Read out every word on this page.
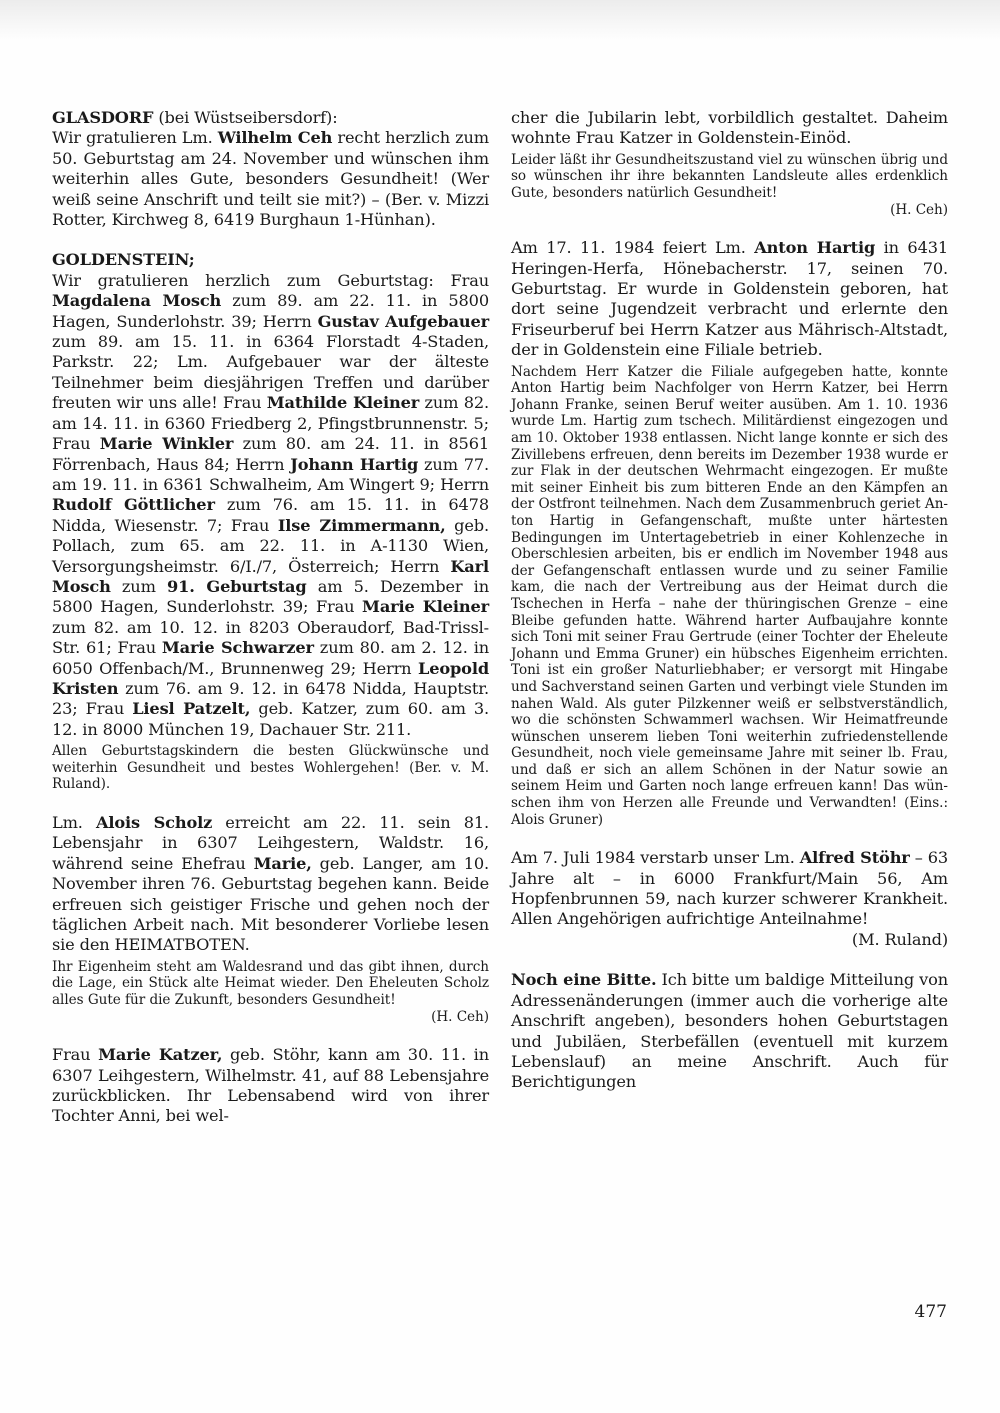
GLASDORF (bei Wüstseibersdorf):

Wir gratulieren Lm. Wilhelm Ceh recht herzlich zum 50. Geburtstag am 24. November und wünschen ihm weiterhin alles Gute, besonders Gesundheit! (Wer weiß seine Anschrift und teilt sie mit?) – (Ber. v. Mizzi Rotter, Kirchweg 8, 6419 Burghaun 1-Hünhan).

GOLDENSTEIN;

Wir gratulieren herzlich zum Geburtstag: Frau Magdalena Mosch zum 89. am 22. 11. in 5800 Hagen, Sunderlohstr. 39; Herrn Gustav Aufgebauer zum 89. am 15. 11. in 6364 Florstadt 4-Staden, Parkstr. 22; Lm. Aufgebauer war der älteste Teilnehmer beim diesjährigen Treffen und darüber freuten wir uns alle! Frau Mathilde Kleiner zum 82. am 14. 11. in 6360 Friedberg 2, Pfingstbrunnenstr. 5; Frau Marie Winkler zum 80. am 24. 11. in 8561 Förrenbach, Haus 84; Herrn Johann Hartig zum 77. am 19. 11. in 6361 Schwalheim, Am Wingert 9; Herrn Rudolf Göttlicher zum 76. am 15. 11. in 6478 Nidda, Wiesenstr. 7; Frau Ilse Zimmermann, geb. Pollach, zum 65. am 22. 11. in A-1130 Wien, Versorgungsheimstr. 6/I./7, Österreich; Herrn Karl Mosch zum 91. Geburtstag am 5. Dezember in 5800 Hagen, Sunderlohstr. 39; Frau Marie Kleiner zum 82. am 10. 12. in 8203 Oberaudorf, Bad-Trissl-Str. 61; Frau Marie Schwarzer zum 80. am 2. 12. in 6050 Offenbach/M., Brunnenweg 29; Herrn Leopold Kristen zum 76. am 9. 12. in 6478 Nidda, Hauptstr. 23; Frau Liesl Patzelt, geb. Katzer, zum 60. am 3. 12. in 8000 München 19, Dachauer Str. 211.

Allen Geburtstagskindern die besten Glückwünsche und weiterhin Gesundheit und bestes Wohlergehen! (Ber. v. M. Ruland).

Lm. Alois Scholz erreicht am 22. 11. sein 81. Lebensjahr in 6307 Leihgestern, Waldstr. 16, während seine Ehefrau Marie, geb. Langer, am 10. November ihren 76. Geburtstag begehen kann. Beide erfreuen sich geistiger Frische und gehen noch der täglichen Arbeit nach. Mit besonderer Vorliebe lesen sie den HEIMATBOTEN.

Ihr Eigenheim steht am Waldesrand und das gibt ihnen, durch die Lage, ein Stück alte Heimat wieder. Den Eheleuten Scholz alles Gute für die Zukunft, besonders Gesundheit!
(H. Ceh)

Frau Marie Katzer, geb. Stöhr, kann am 30. 11. in 6307 Leihgestern, Wilhelmstr. 41, auf 88 Lebensjahre zurückblicken. Ihr Lebensabend wird von ihrer Tochter Anni, bei wel-

cher die Jubilarin lebt, vorbildlich gestaltet. Daheim wohnte Frau Katzer in Goldenstein-Einöd.

Leider läßt ihr Gesundheitszustand viel zu wünschen übrig und so wünschen ihr ihre bekannten Landsleute alles erdenklich Gute, besonders natürlich Gesundheit!
(H. Ceh)

Am 17. 11. 1984 feiert Lm. Anton Hartig in 6431 Heringen-Herfa, Hönebacherstr. 17, seinen 70. Geburtstag. Er wurde in Goldenstein geboren, hat dort seine Jugendzeit verbracht und erlernte den Friseurberuf bei Herrn Katzer aus Mährisch-Altstadt, der in Goldenstein eine Filiale betrieb.

Nachdem Herr Katzer die Filiale aufgegeben hatte, konnte Anton Hartig beim Nachfolger von Herrn Katzer, bei Herrn Johann Franke, seinen Beruf weiter ausüben. Am 1. 10. 1936 wurde Lm. Hartig zum tschech. Militärdienst eingezogen und am 10. Oktober 1938 entlassen. Nicht lange konnte er sich des Zivillebens erfreuen, denn bereits im Dezember 1938 wurde er zur Flak in der deutschen Wehrmacht eingezogen. Er mußte mit seiner Einheit bis zum bitteren Ende an den Kämpfen an der Ostfront teilnehmen. Nach dem Zusammenbruch geriet Anton Hartig in Gefangenschaft, mußte unter härtesten Bedingungen im Untertagebetrieb in einer Kohlenzeche in Oberschlesien arbeiten, bis er endlich im November 1948 aus der Gefangenschaft entlassen wurde und zu seiner Familie kam, die nach der Vertreibung aus der Heimat durch die Tschechen in Herfa – nahe der thüringischen Grenze – eine Bleibe gefunden hatte. Während harter Aufbaujahre konnte sich Toni mit seiner Frau Gertrude (einer Tochter der Eheleute Johann und Emma Gruner) ein hübsches Eigenheim errichten. Toni ist ein großer Naturliebhaber; er versorgt mit Hingabe und Sachverstand seinen Garten und verbingt viele Stunden im nahen Wald. Als guter Pilzkenner weiß er selbstverständlich, wo die schönsten Schwammerl wachsen. Wir Heimatfreunde wünschen unserem lieben Toni weiterhin zufriedenstellende Gesundheit, noch viele gemeinsame Jahre mit seiner lb. Frau, und daß er sich an allem Schönen in der Natur sowie an seinem Heim und Garten noch lange erfreuen kann! Das wünschen ihm von Herzen alle Freunde und Verwandten! (Eins.: Alois Gruner)

Am 7. Juli 1984 verstarb unser Lm. Alfred Stöhr – 63 Jahre alt – in 6000 Frankfurt/Main 56, Am Hopfenbrunnen 59, nach kurzer schwerer Krankheit. Allen Angehörigen aufrichtige Anteilnahme!
(M. Ruland)

Noch eine Bitte. Ich bitte um baldige Mitteilung von Adressenänderungen (immer auch die vorherige alte Anschrift angeben), besonders hohen Geburtstagen und Jubiläen, Sterbefällen (eventuell mit kurzem Lebenslauf) an meine Anschrift. Auch für Berichtigungen

477
